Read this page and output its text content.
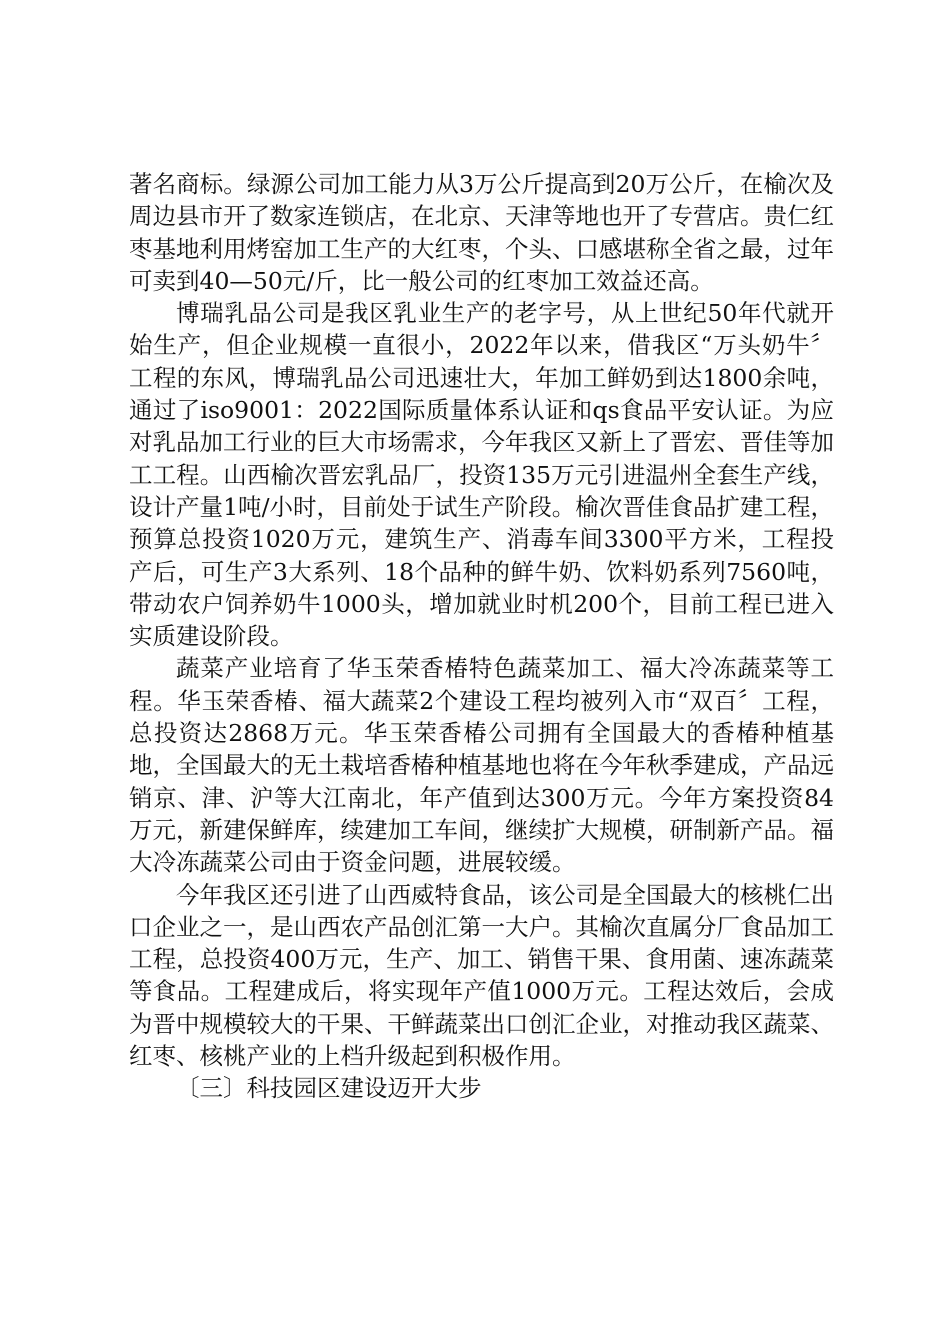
著名商标。绿源公司加工能力从3万公斤提高到20万公斤，在榆次及周边县市开了数家连锁店，在北京、天津等地也开了专营店。贵仁红枣基地利用烤窑加工生产的大红枣，个头、口感堪称全省之最，过年可卖到40—50元/斤，比一般公司的红枣加工效益还高。

博瑞乳品公司是我区乳业生产的老字号，从上世纪50年代就开始生产，但企业规模一直很小，2022年以来，借我区“万头奶牛〞工程的东风，博瑞乳品公司迅速壮大，年加工鲜奶到达1800余吨，通过了iso9001：2022国际质量体系认证和qs食品平安认证。为应对乳品加工行业的巨大市场需求，今年我区又新上了晋宏、晋佳等加工工程。山西榆次晋宏乳品厂，投资135万元引进温州全套生产线，设计产量1吨/小时，目前处于试生产阶段。榆次晋佳食品扩建工程，预算总投资1020万元，建筑生产、消毒车间3300平方米，工程投产后，可生产3大系列、18个品种的鲜牛奶、饮料奶系列7560吨，带动农户饲养奶牛1000头，增加就业时机200个，目前工程已进入实质建设阶段。

蔬菜产业培育了华玉荣香椿特色蔬菜加工、福大冷冻蔬菜等工程。华玉荣香椿、福大蔬菜2个建设工程均被列入市“双百〞工程，总投资达2868万元。华玉荣香椿公司拥有全国最大的香椿种植基地，全国最大的无土栽培香椿种植基地也将在今年秋季建成，产品远销京、津、沪等大江南北，年产值到达300万元。今年方案投资84万元，新建保鲜库，续建加工车间，继续扩大规模，研制新产品。福大冷冻蔬菜公司由于资金问题，进展较缓。

今年我区还引进了山西威特食品，该公司是全国最大的核桃仁出口企业之一，是山西农产品创汇第一大户。其榆次直属分厂食品加工工程，总投资400万元，生产、加工、销售干果、食用菌、速冻蔬菜等食品。工程建成后，将实现年产值1000万元。工程达效后，会成为晋中规模较大的干果、干鲜蔬菜出口创汇企业，对推动我区蔬菜、红枣、核桃产业的上档升级起到积极作用。

〔三〕科技园区建设迈开大步
